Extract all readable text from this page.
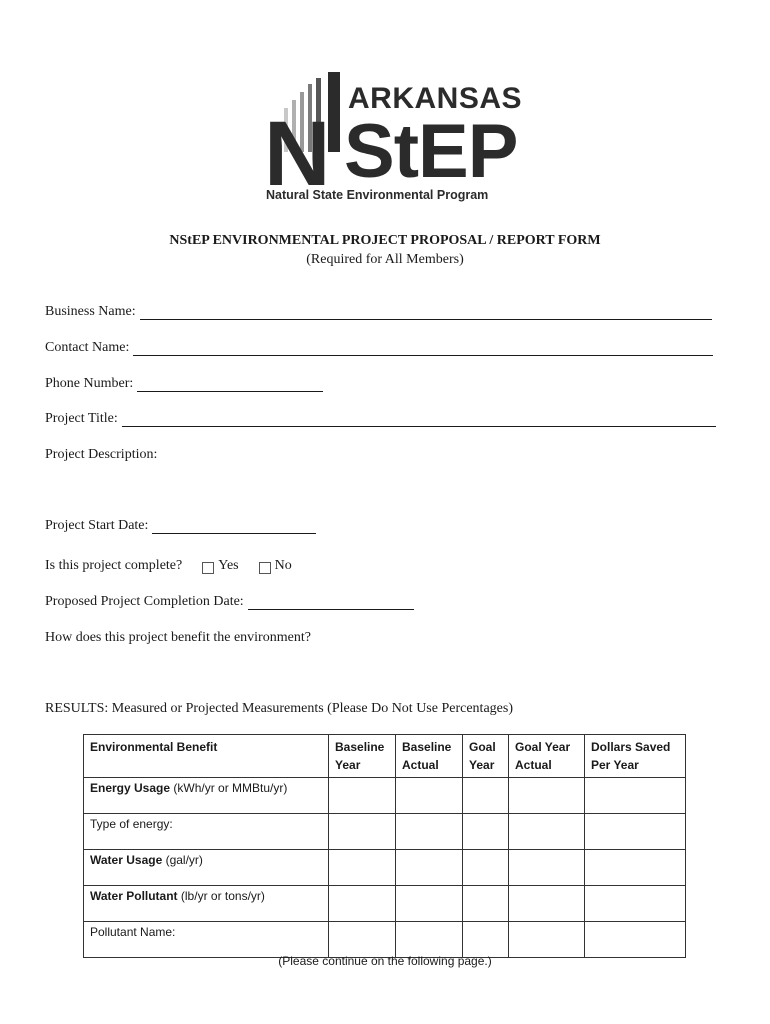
ARKANSAS
N StEP
Natural State Environmental Program
NStEP ENVIRONMENTAL PROJECT PROPOSAL / REPORT FORM
(Required for All Members)
Business Name:
Contact Name:
Phone Number:
Project Title:
Project Description:
Project Start Date:
Is this project complete?	Yes	No
Proposed Project Completion Date:
How does this project benefit the environment?
RESULTS: Measured or Projected Measurements (Please Do Not Use Percentages)
Environmental Benefit	Baseline Year	Baseline Actual	Goal Year	Goal Year Actual	Dollars Saved Per Year
Energy Usage (kWh/yr or MMBtu/yr)					
Type of energy:					
Water Usage (gal/yr)					
Water Pollutant (lb/yr or tons/yr)					
Pollutant Name:					
(Please continue on the following page.)
